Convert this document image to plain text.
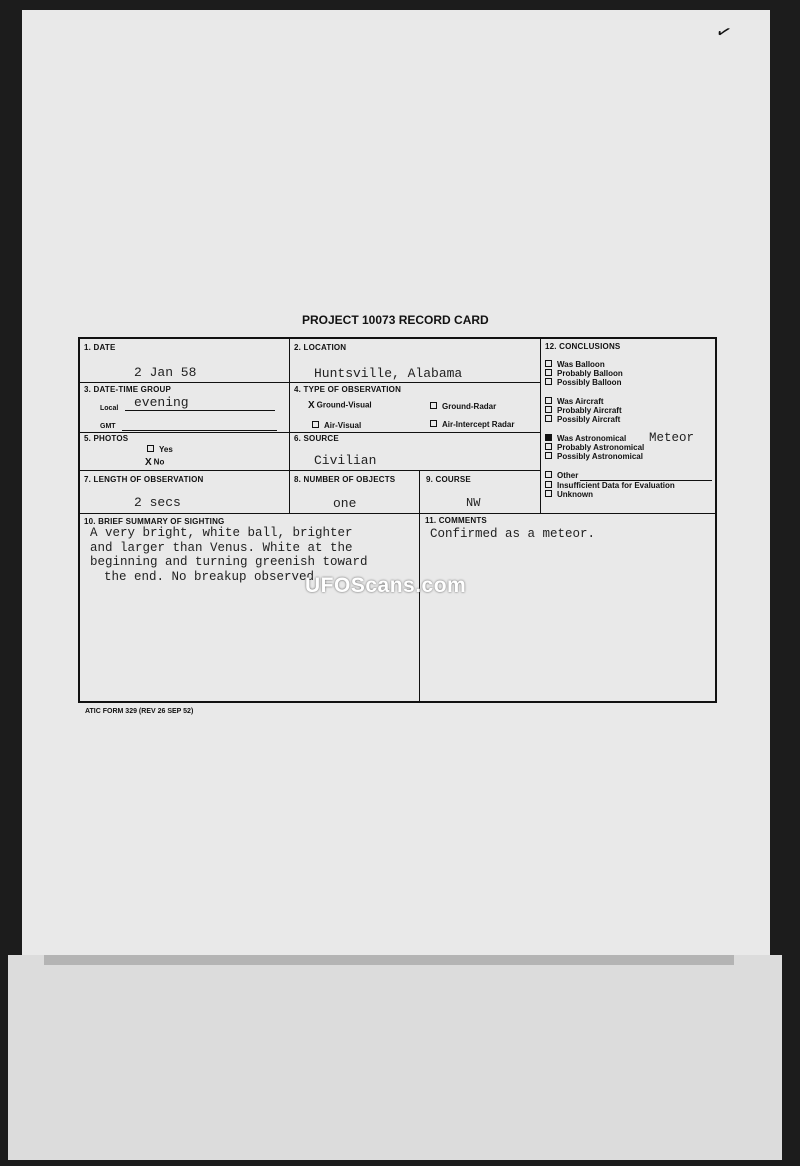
✓
PROJECT 10073 RECORD CARD
1. DATE
2 Jan 58
2. LOCATION
Huntsville, Alabama
3. DATE-TIME GROUP
Local evening
GMT
4. TYPE OF OBSERVATION
X Ground-Visual	Ground-Radar
Air-Visual	Air-Intercept Radar
5. PHOTOS
Yes
X No
6. SOURCE
Civilian
7. LENGTH OF OBSERVATION
2 secs
8. NUMBER OF OBJECTS
one
9. COURSE
NW
12. CONCLUSIONS
Was Balloon
Probably Balloon
Possibly Balloon
Was Aircraft
Probably Aircraft
Possibly Aircraft
Was Astronomical Meteor
Probably Astronomical
Possibly Astronomical
Other
Insufficient Data for Evaluation
Unknown
10. BRIEF SUMMARY OF SIGHTING
A very bright, white ball, brighter
and larger than Venus. White at the
beginning and turning greenish toward
the end. No breakup observed.
11. COMMENTS
Confirmed as a meteor.
ATIC FORM 329 (REV 26 SEP 52)
UFOScans.com
